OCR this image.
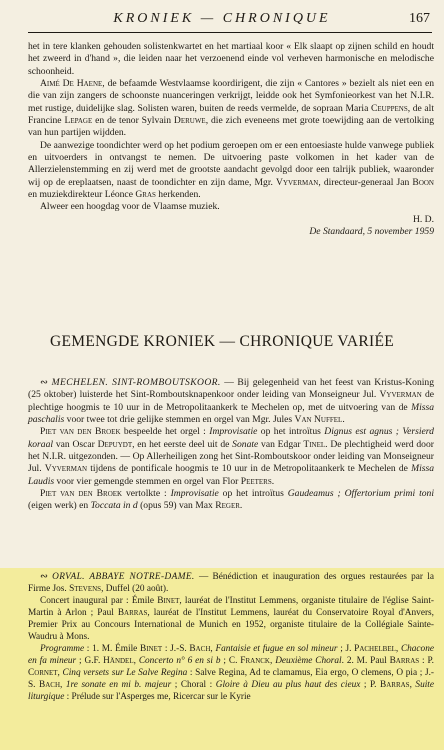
KRONIEK — CHRONIQUE	167

het in tere klanken gehouden solistenkwartet en het martiaal koor « Elk slaapt op zijnen schild en houdt het zweerd in d'hand », die leiden naar het verzoenend einde vol verheven harmonische en melodische schoonheid.

Aimé De Haene, de befaamde Westvlaamse koordirigent, die zijn « Cantores » bezielt als niet een en die van zijn zangers de schoonste nuanceringen verkrijgt, leidde ook het Symfonieorkest van het N.I.R. met rustige, duidelijke slag. Solisten waren, buiten de reeds vermelde, de sopraan Maria Ceuppens, de alt Francine Lepage en de tenor Sylvain Deruwe, die zich eveneens met grote toewijding aan de vertolking van hun partijen wijdden.

De aanwezige toondichter werd op het podium geroepen om er een entoesiaste hulde vanwege publiek en uitvoerders in ontvangst te nemen. De uitvoering paste volkomen in het kader van de Allerzielenstemming en zij werd met de grootste aandacht gevolgd door een talrijk publiek, waaronder wij op de ereplaatsen, naast de toondichter en zijn dame, Mgr. Vyverman, directeur-generaal Jan Boon en muziekdirekteur Léonce Gras herkenden.

Alweer een hoogdag voor de Vlaamse muziek.

H. D.

De Standaard, 5 november 1959

GEMENGDE KRONIEK — CHRONIQUE VARIÉE

∾ MECHELEN. SINT-ROMBOUTSKOOR. — Bij gelegenheid van het feest van Kristus-Koning (25 oktober) luisterde het Sint-Romboutsknapenkoor onder leiding van Monseigneur Jul. Vyverman de plechtige hoogmis te 10 uur in de Metropolitaankerk te Mechelen op, met de uitvoering van de Missa paschalis voor twee tot drie gelijke stemmen en orgel van Mgr. Jules Van Nuffel.

Piet van den Broek bespeelde het orgel : Improvisatie op het introïtus Dignus est agnus ; Versierd koraal van Oscar Depuydt, en het eerste deel uit de Sonate van Edgar Tinel. De plechtigheid werd door het N.I.R. uitgezonden. — Op Allerheiligen zong het Sint-Romboutskoor onder leiding van Monseigneur Jul. Vyverman tijdens de pontificale hoogmis te 10 uur in de Metropolitaankerk te Mechelen de Missa Laudis voor vier gemengde stemmen en orgel van Flor Peeters.

Piet van den Broek vertolkte : Improvisatie op het introïtus Gaudeamus ; Offertorium primi toni (eigen werk) en Toccata in d (opus 59) van Max Reger.

∾ ORVAL. ABBAYE NOTRE-DAME. — Bénédiction et inauguration des orgues restaurées par la Firme Jos. Stevens, Duffel (20 août).

Concert inaugural par : Émile Binet, lauréat de l'Institut Lemmens, organiste titulaire de l'église Saint-Martin à Arlon ; Paul Barras, lauréat de l'Institut Lemmens, lauréat du Conservatoire Royal d'Anvers, Premier Prix au Concours International de Munich en 1952, organiste titulaire de la Collégiale Sainte-Waudru à Mons.

Programme : 1. M. Émile Binet : J.-S. Bach, Fantaisie et fugue en sol mineur ; J. Pachelbel, Chacone en fa mineur ; G.F. Händel, Concerto n° 6 en si b ; C. Franck, Deuxième Choral. 2. M. Paul Barras : P. Cornet, Cinq versets sur Le Salve Regina : Salve Regina, Ad te clamamus, Eia ergo, O clemens, O pia ; J.-S. Bach, 1re sonate en mi b. majeur ; Choral : Gloire à Dieu au plus haut des cieux ; P. Barras, Suite liturgique : Prélude sur l'Asperges me, Ricercar sur le Kyrie
